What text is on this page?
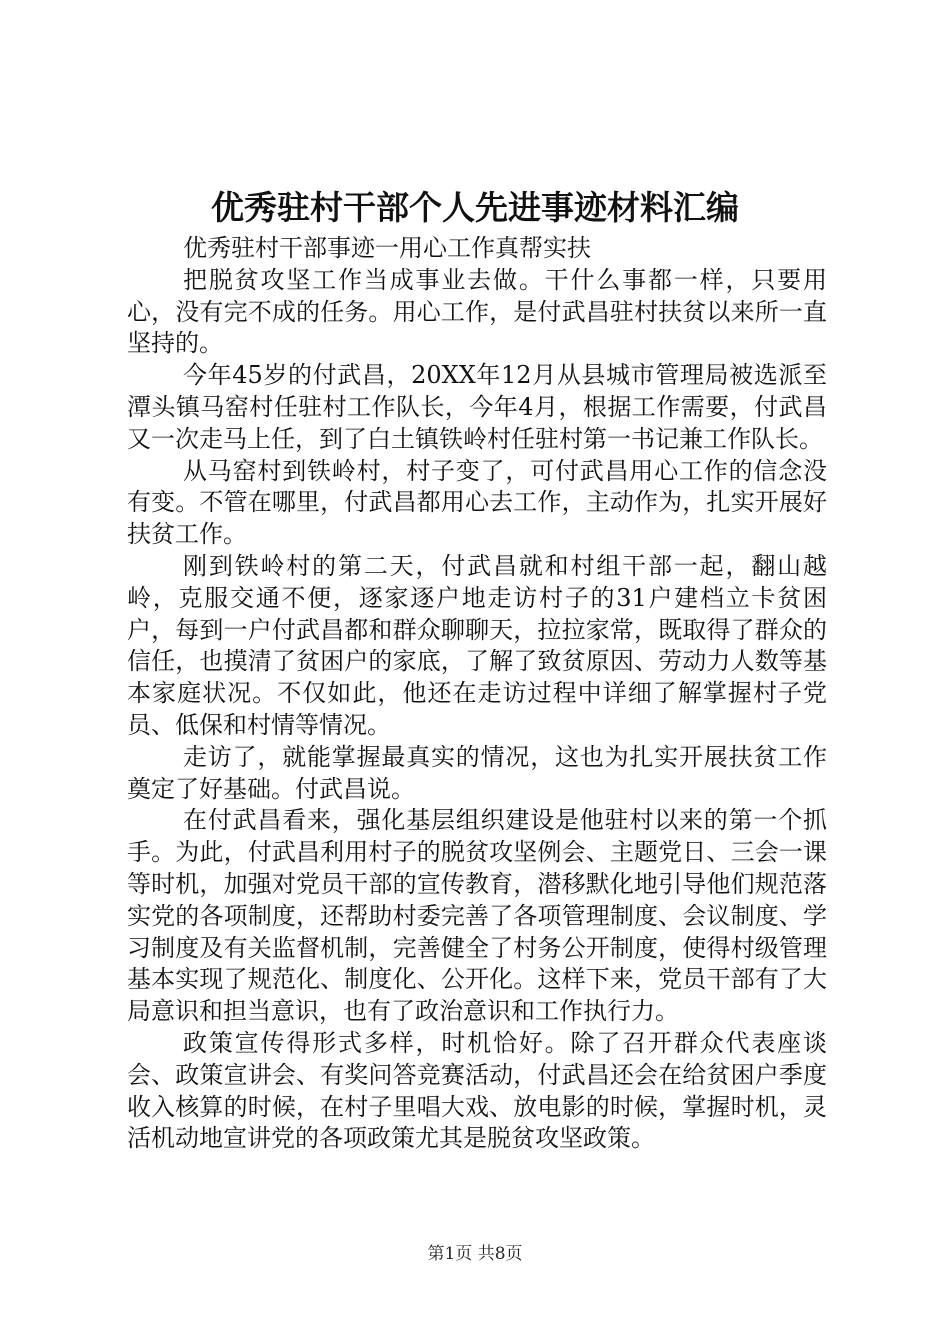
优秀驻村干部个人先进事迹材料汇编

优秀驻村干部事迹一用心工作真帮实扶

把脱贫攻坚工作当成事业去做。干什么事都一样，只要用心，没有完不成的任务。用心工作，是付武昌驻村扶贫以来所一直坚持的。

今年45岁的付武昌，20XX年12月从县城市管理局被选派至潭头镇马窑村任驻村工作队长，今年4月，根据工作需要，付武昌又一次走马上任，到了白土镇铁岭村任驻村第一书记兼工作队长。

从马窑村到铁岭村，村子变了，可付武昌用心工作的信念没有变。不管在哪里，付武昌都用心去工作，主动作为，扎实开展好扶贫工作。

刚到铁岭村的第二天，付武昌就和村组干部一起，翻山越岭，克服交通不便，逐家逐户地走访村子的31户建档立卡贫困户，每到一户付武昌都和群众聊聊天，拉拉家常，既取得了群众的信任，也摸清了贫困户的家底，了解了致贫原因、劳动力人数等基本家庭状况。不仅如此，他还在走访过程中详细了解掌握村子党员、低保和村情等情况。

走访了，就能掌握最真实的情况，这也为扎实开展扶贫工作奠定了好基础。付武昌说。

在付武昌看来，强化基层组织建设是他驻村以来的第一个抓手。为此，付武昌利用村子的脱贫攻坚例会、主题党日、三会一课等时机，加强对党员干部的宣传教育，潜移默化地引导他们规范落实党的各项制度，还帮助村委完善了各项管理制度、会议制度、学习制度及有关监督机制，完善健全了村务公开制度，使得村级管理基本实现了规范化、制度化、公开化。这样下来，党员干部有了大局意识和担当意识，也有了政治意识和工作执行力。

政策宣传得形式多样，时机恰好。除了召开群众代表座谈会、政策宣讲会、有奖问答竞赛活动，付武昌还会在给贫困户季度收入核算的时候，在村子里唱大戏、放电影的时候，掌握时机，灵活机动地宣讲党的各项政策尤其是脱贫攻坚政策。

第1页 共8页
